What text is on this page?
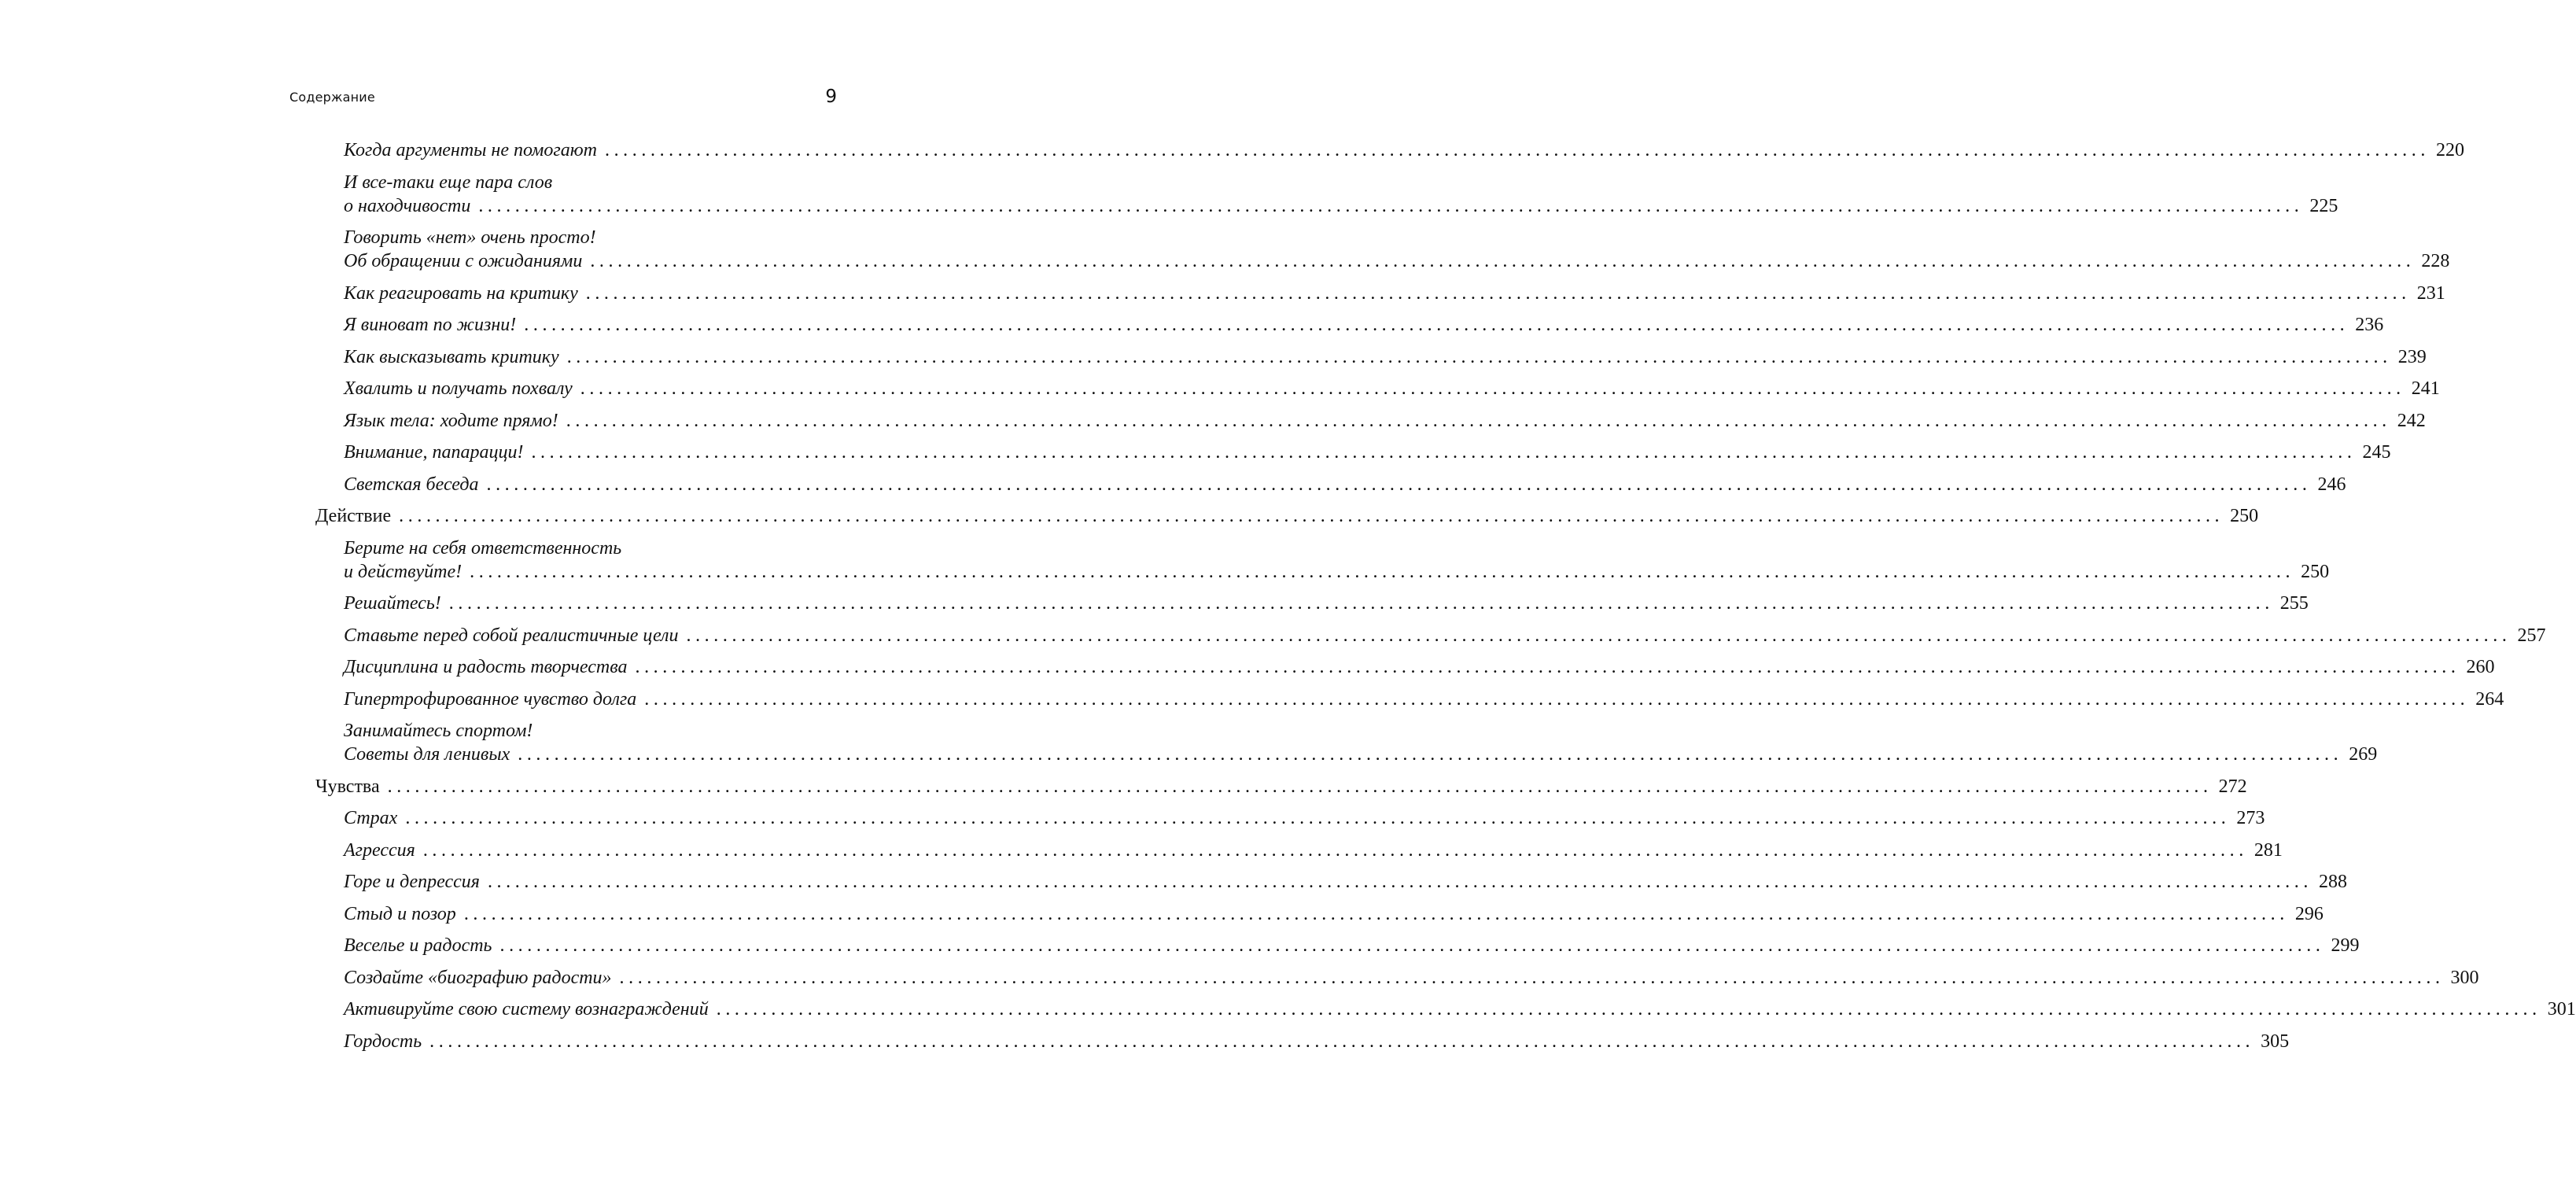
Содержание	9
Когда аргументы не помогают ........................................................................................................................................................................................................ 220
И все-таки еще пара слов
о находчивости ........................................................................................................................................................................................................ 225
Говорить «нет» очень просто!
Об обращении с ожиданиями ........................................................................................................................................................................................................ 228
Как реагировать на критику ........................................................................................................................................................................................................ 231
Я виноват по жизни! ........................................................................................................................................................................................................ 236
Как высказывать критику ........................................................................................................................................................................................................ 239
Хвалить и получать похвалу ........................................................................................................................................................................................................ 241
Язык тела: ходите прямо! ........................................................................................................................................................................................................ 242
Внимание, папарацци! ........................................................................................................................................................................................................ 245
Светская беседа ........................................................................................................................................................................................................ 246
Действие ........................................................................................................................................................................................................ 250
Берите на себя ответственность
и действуйте! ........................................................................................................................................................................................................ 250
Решайтесь! ........................................................................................................................................................................................................ 255
Ставьте перед собой реалистичные цели ........................................................................................................................................................................................................ 257
Дисциплина и радость творчества ........................................................................................................................................................................................................ 260
Гипертрофированное чувство долга ........................................................................................................................................................................................................ 264
Занимайтесь спортом!
Советы для ленивых ........................................................................................................................................................................................................ 269
Чувства ........................................................................................................................................................................................................ 272
Страх ........................................................................................................................................................................................................ 273
Агрессия ........................................................................................................................................................................................................ 281
Горе и депрессия ........................................................................................................................................................................................................ 288
Стыд и позор ........................................................................................................................................................................................................ 296
Веселье и радость ........................................................................................................................................................................................................ 299
Создайте «биографию радости» ........................................................................................................................................................................................................ 300
Активируйте свою систему вознаграждений ........................................................................................................................................................................................................ 301
Гордость ........................................................................................................................................................................................................ 305
